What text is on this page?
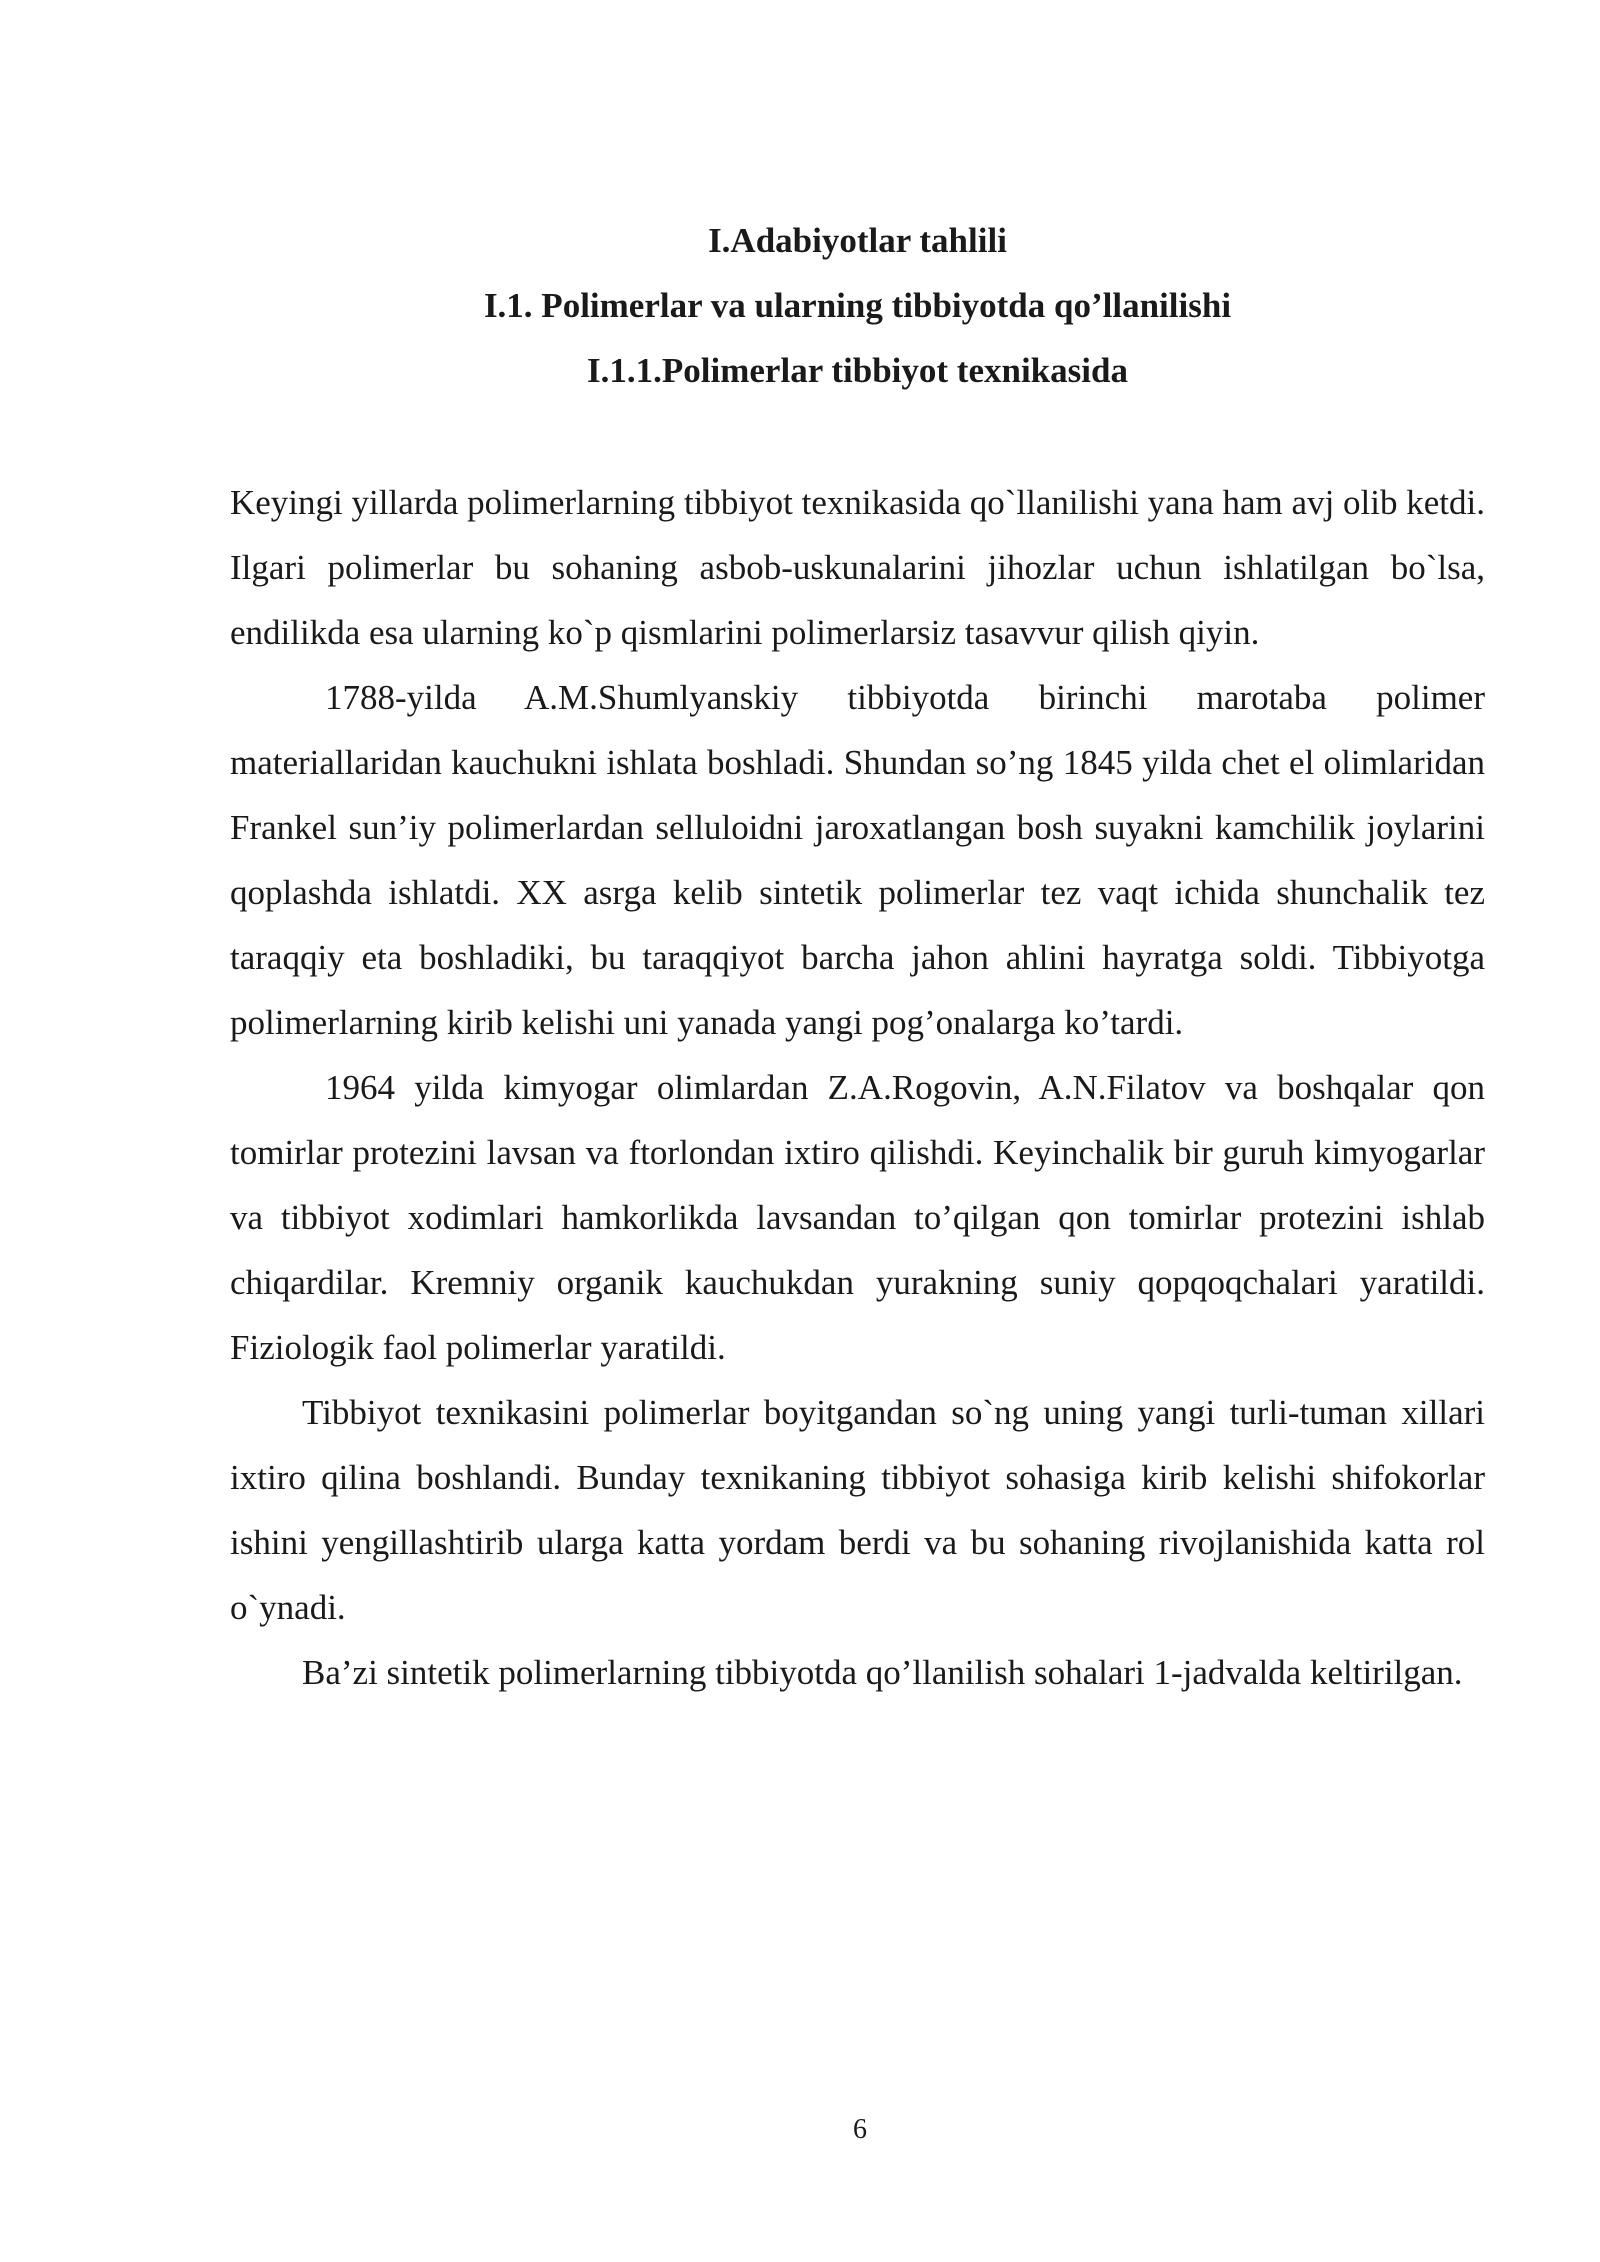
I.Adabiyotlar tahlili
I.1. Polimerlar va ularning tibbiyotda qo’llanilishi
I.1.1.Polimerlar tibbiyot texnikasida

Keyingi yillarda polimerlarning tibbiyot texnikasida qo`llanilishi yana ham avj olib ketdi. Ilgari polimerlar bu sohaning asbob-uskunalarini jihozlar uchun ishlatilgan bo`lsa, endilikda esa ularning ko`p qismlarini polimerlarsiz tasavvur qilish qiyin.

1788-yilda A.M.Shumlyanskiy tibbiyotda birinchi marotaba polimer materiallaridan kauchukni ishlata boshladi. Shundan so’ng 1845 yilda chet el olimlaridan Frankel sun’iy polimerlardan selluloidni jaroxatlangan bosh suyakni kamchilik joylarini qoplashda ishlatdi. XX asrga kelib sintetik polimerlar tez vaqt ichida shunchalik tez taraqqiy eta boshladiki, bu taraqqiyot barcha jahon ahlini hayratga soldi. Tibbiyotga polimerlarning kirib kelishi uni yanada yangi pog’onalarga ko’tardi.

1964 yilda kimyogar olimlardan Z.A.Rogovin, A.N.Filatov va boshqalar qon tomirlar protezini lavsan va ftorlondan ixtiro qilishdi. Keyinchalik bir guruh kimyogarlar va tibbiyot xodimlari hamkorlikda lavsandan to’qilgan qon tomirlar protezini ishlab chiqardilar. Kremniy organik kauchukdan yurakning suniy qopqoqchalari yaratildi. Fiziologik faol polimerlar yaratildi.

Tibbiyot texnikasini polimerlar boyitgandan so`ng uning yangi turli-tuman xillari ixtiro qilina boshlandi. Bunday texnikaning tibbiyot sohasiga kirib kelishi shifokorlar ishini yengillashtirib ularga katta yordam berdi va bu sohaning rivojlanishida katta rol o`ynadi.

Ba’zi sintetik polimerlarning tibbiyotda qo’llanilish sohalari 1-jadvalda keltirilgan.

6
